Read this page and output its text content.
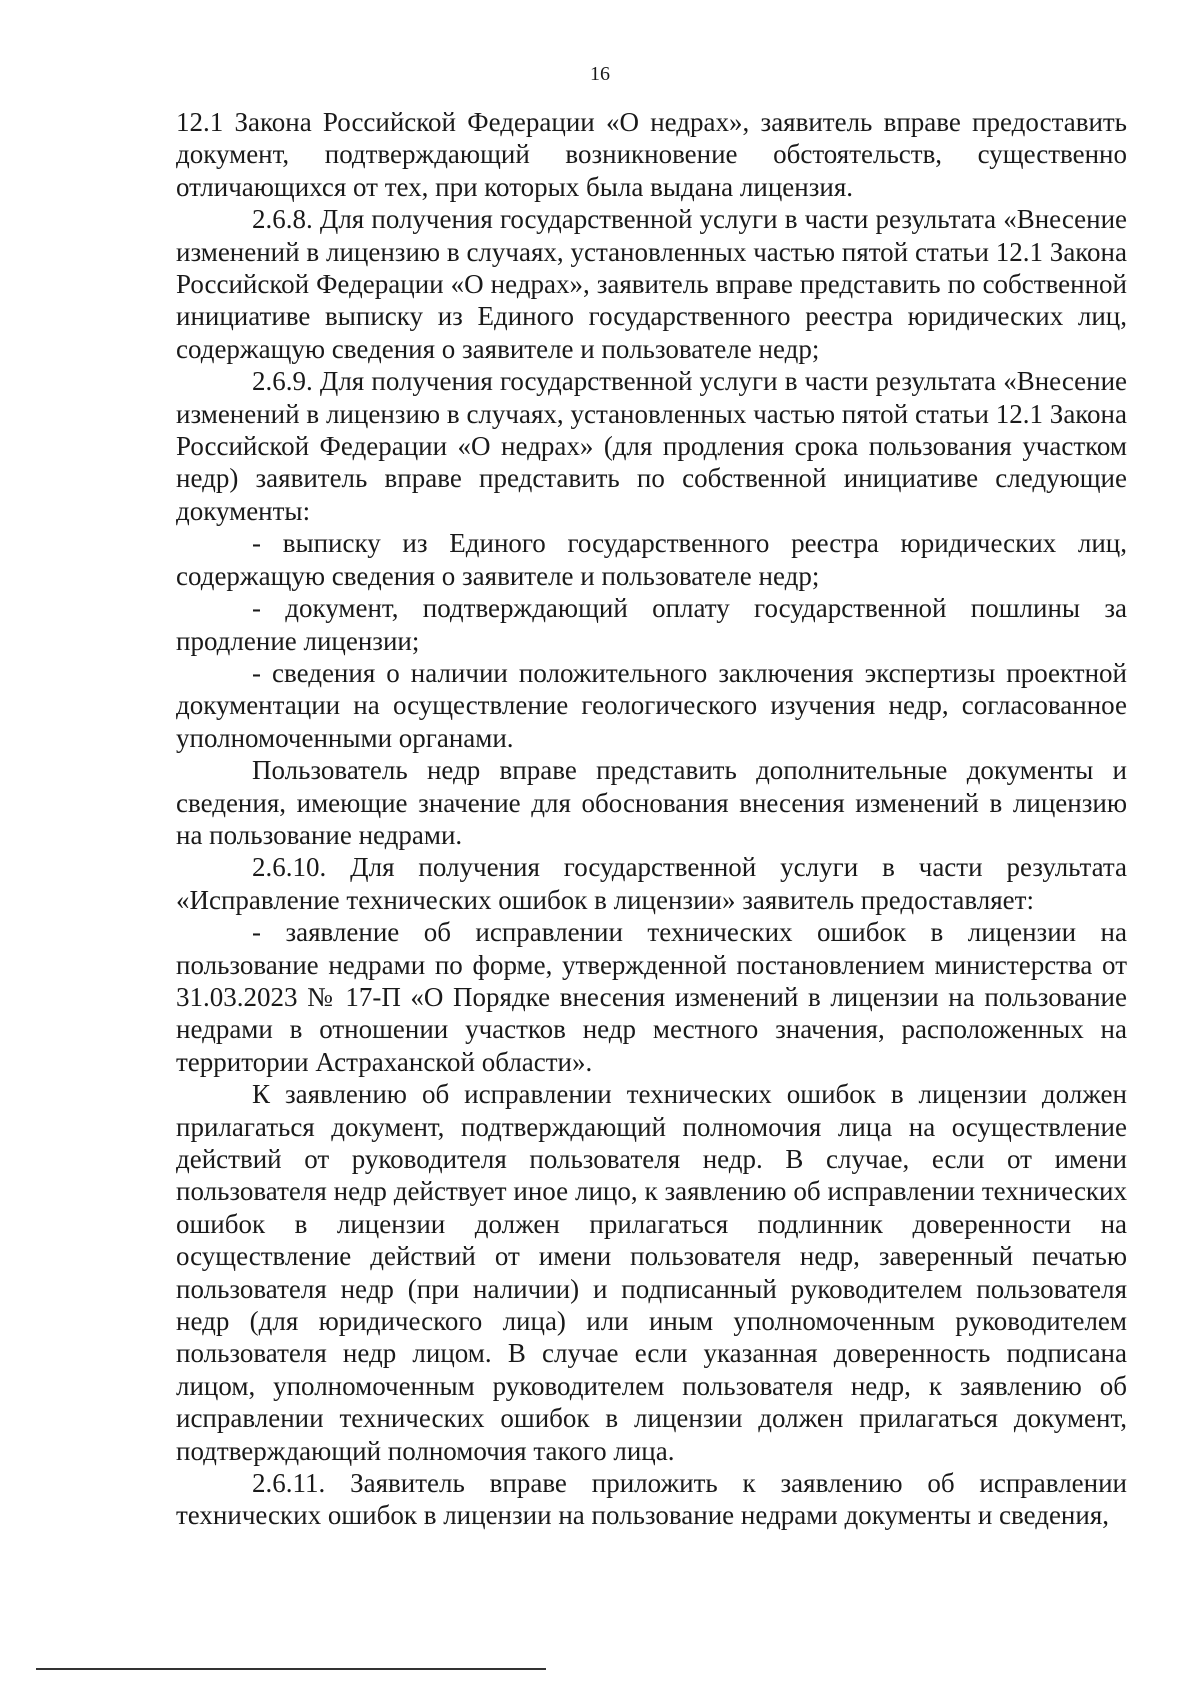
16

12.1 Закона Российской Федерации «О недрах», заявитель вправе предоставить документ, подтверждающий возникновение обстоятельств, существенно отличающихся от тех, при которых была выдана лицензия.

2.6.8. Для получения государственной услуги в части результата «Внесение изменений в лицензию в случаях, установленных частью пятой статьи 12.1 Закона Российской Федерации «О недрах», заявитель вправе представить по собственной инициативе выписку из Единого государственного реестра юридических лиц, содержащую сведения о заявителе и пользователе недр;

2.6.9. Для получения государственной услуги в части результата «Внесение изменений в лицензию в случаях, установленных частью пятой статьи 12.1 Закона Российской Федерации «О недрах» (для продления срока пользования участком недр) заявитель вправе представить по собственной инициативе следующие документы:

- выписку из Единого государственного реестра юридических лиц, содержащую сведения о заявителе и пользователе недр;

- документ, подтверждающий оплату государственной пошлины за продление лицензии;

- сведения о наличии положительного заключения экспертизы проектной документации на осуществление геологического изучения недр, согласованное уполномоченными органами.

Пользователь недр вправе представить дополнительные документы и сведения, имеющие значение для обоснования внесения изменений в лицензию на пользование недрами.

2.6.10. Для получения государственной услуги в части результата «Исправление технических ошибок в лицензии» заявитель предоставляет:

- заявление об исправлении технических ошибок в лицензии на пользование недрами по форме, утвержденной постановлением министерства от 31.03.2023 № 17-П «О Порядке внесения изменений в лицензии на пользование недрами в отношении участков недр местного значения, расположенных на территории Астраханской области».

К заявлению об исправлении технических ошибок в лицензии должен прилагаться документ, подтверждающий полномочия лица на осуществление действий от руководителя пользователя недр. В случае, если от имени пользователя недр действует иное лицо, к заявлению об исправлении технических ошибок в лицензии должен прилагаться подлинник доверенности на осуществление действий от имени пользователя недр, заверенный печатью пользователя недр (при наличии) и подписанный руководителем пользователя недр (для юридического лица) или иным уполномоченным руководителем пользователя недр лицом. В случае если указанная доверенность подписана лицом, уполномоченным руководителем пользователя недр, к заявлению об исправлении технических ошибок в лицензии должен прилагаться документ, подтверждающий полномочия такого лица.

2.6.11. Заявитель вправе приложить к заявлению об исправлении технических ошибок в лицензии на пользование недрами документы и сведения,
